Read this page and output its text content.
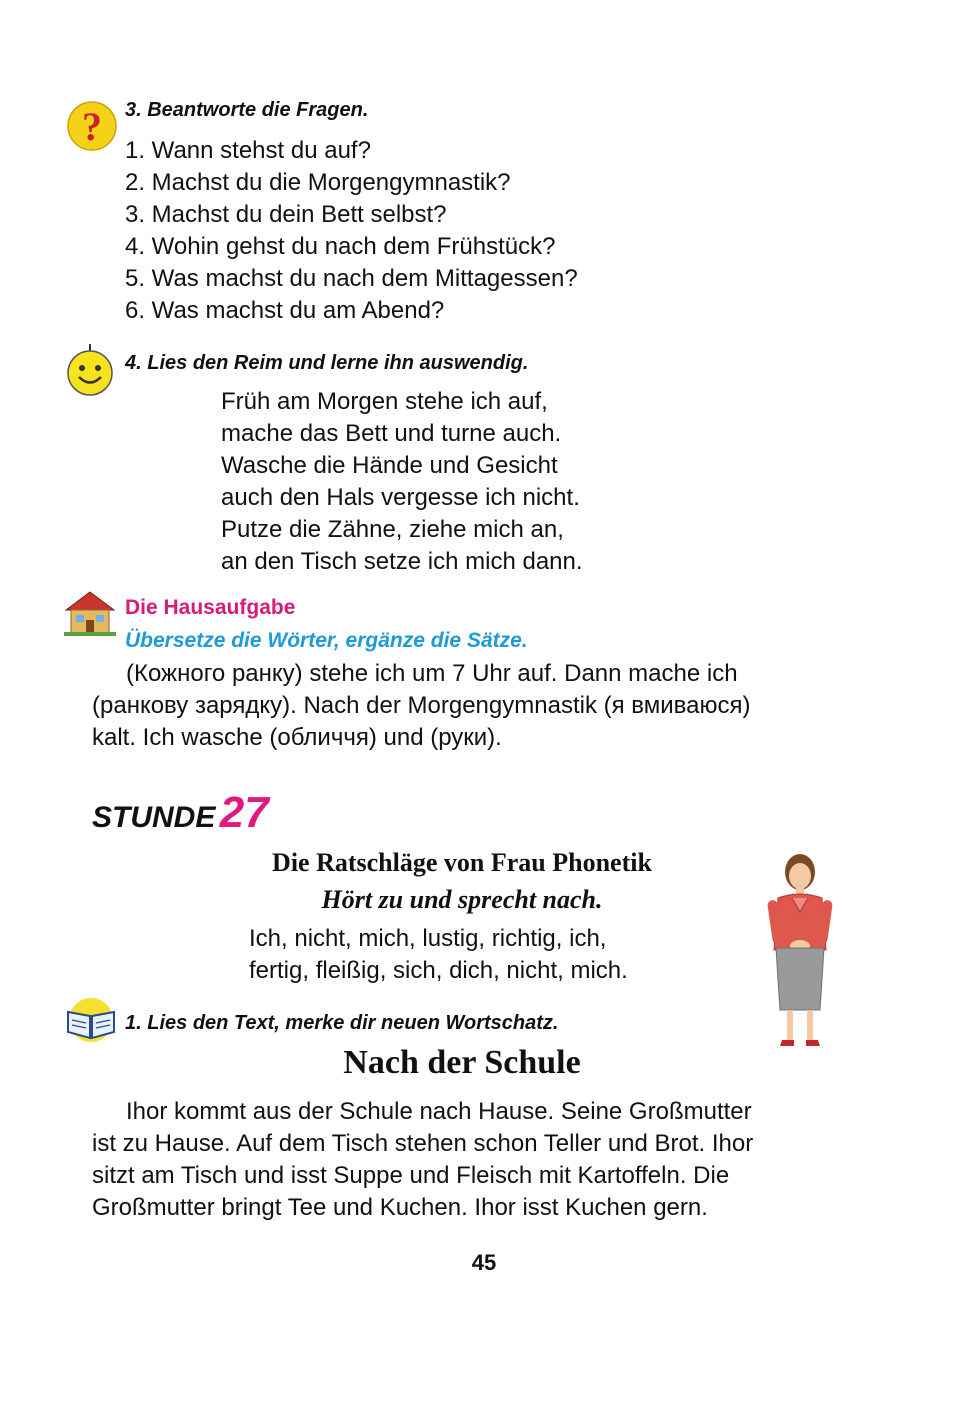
? 3. Beantworte die Fragen.
1. Wann stehst du auf?
2. Machst du die Morgengymnastik?
3. Machst du dein Bett selbst?
4. Wohin gehst du nach dem Frühstück?
5. Was machst du nach dem Mittagessen?
6. Was machst du am Abend?
4. Lies den Reim und lerne ihn auswendig.
Früh am Morgen stehe ich auf,
mache das Bett und turne auch.
Wasche die Hände und Gesicht
auch den Hals vergesse ich nicht.
Putze die Zähne, ziehe mich an,
an den Tisch setze ich mich dann.
Die Hausaufgabe
Übersetze die Wörter, ergänze die Sätze.
(Кожного ранку) stehe ich um 7 Uhr auf. Dann mache ich
(ранкову зарядку). Nach der Morgengymnastik (я вмиваюся)
kalt. Ich wasche (обличчя) und (руки).
STUNDE 27
Die Ratschläge von Frau Phonetik
Hört zu und sprecht nach.
Ich, nicht, mich, lustig, richtig, ich,
fertig, fleißig, sich, dich, nicht, mich.
1. Lies den Text, merke dir neuen Wortschatz.
Nach der Schule
Ihor kommt aus der Schule nach Hause. Seine Großmutter
ist zu Hause. Auf dem Tisch stehen schon Teller und Brot. Ihor
sitzt am Tisch und isst Suppe und Fleisch mit Kartoffeln. Die
Großmutter bringt Tee und Kuchen. Ihor isst Kuchen gern.
45
